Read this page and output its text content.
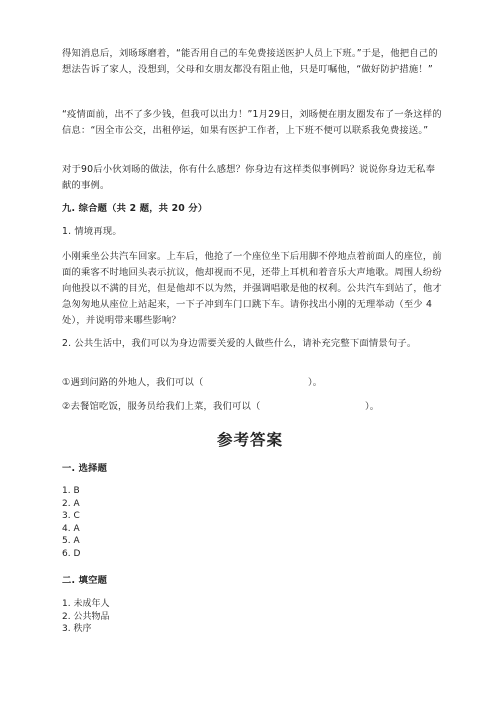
得知消息后，刘旸琢磨着，“能否用自己的车免费接送医护人员上下班。”于是，他把自己的想法告诉了家人，没想到，父母和女朋友都没有阻止他，只是叮嘱他，“做好防护措施！”

“疫情面前，出不了多少钱，但我可以出力！”1月29日，刘旸便在朋友圈发布了一条这样的信息：“因全市公交，出租停运，如果有医护工作者，上下班不便可以联系我免费接送。”

对于90后小伙刘旸的做法，你有什么感想？你身边有这样类似事例吗？说说你身边无私奉献的事例。

九. 综合题（共 2 题，共 20 分）

1. 情境再现。

小刚乘坐公共汽车回家。上车后，他抢了一个座位坐下后用脚不停地点着前面人的座位，前面的乘客不时地回头表示抗议，他却视而不见，还带上耳机和着音乐大声地歌。周围人纷纷向他投以不满的目光，但是他却不以为然，并强调唱歌是他的权利。公共汽车到站了，他才急匆匆地从座位上站起来，一下子冲到车门口跳下车。请你找出小刚的无理举动（至少 4 处），并说明带来哪些影响？

2. 公共生活中，我们可以为身边需要关爱的人做些什么，请补充完整下面情景句子。

①遇到问路的外地人，我们可以（　　　　　　　　　　　）。

②去餐馆吃饭，服务员给我们上菜，我们可以（　　　　　　　　　　　）。

参考答案

一. 选择题

1. B
2. A
3. C
4. A
5. A
6. D

二. 填空题

1. 未成年人
2. 公共物品
3. 秩序
